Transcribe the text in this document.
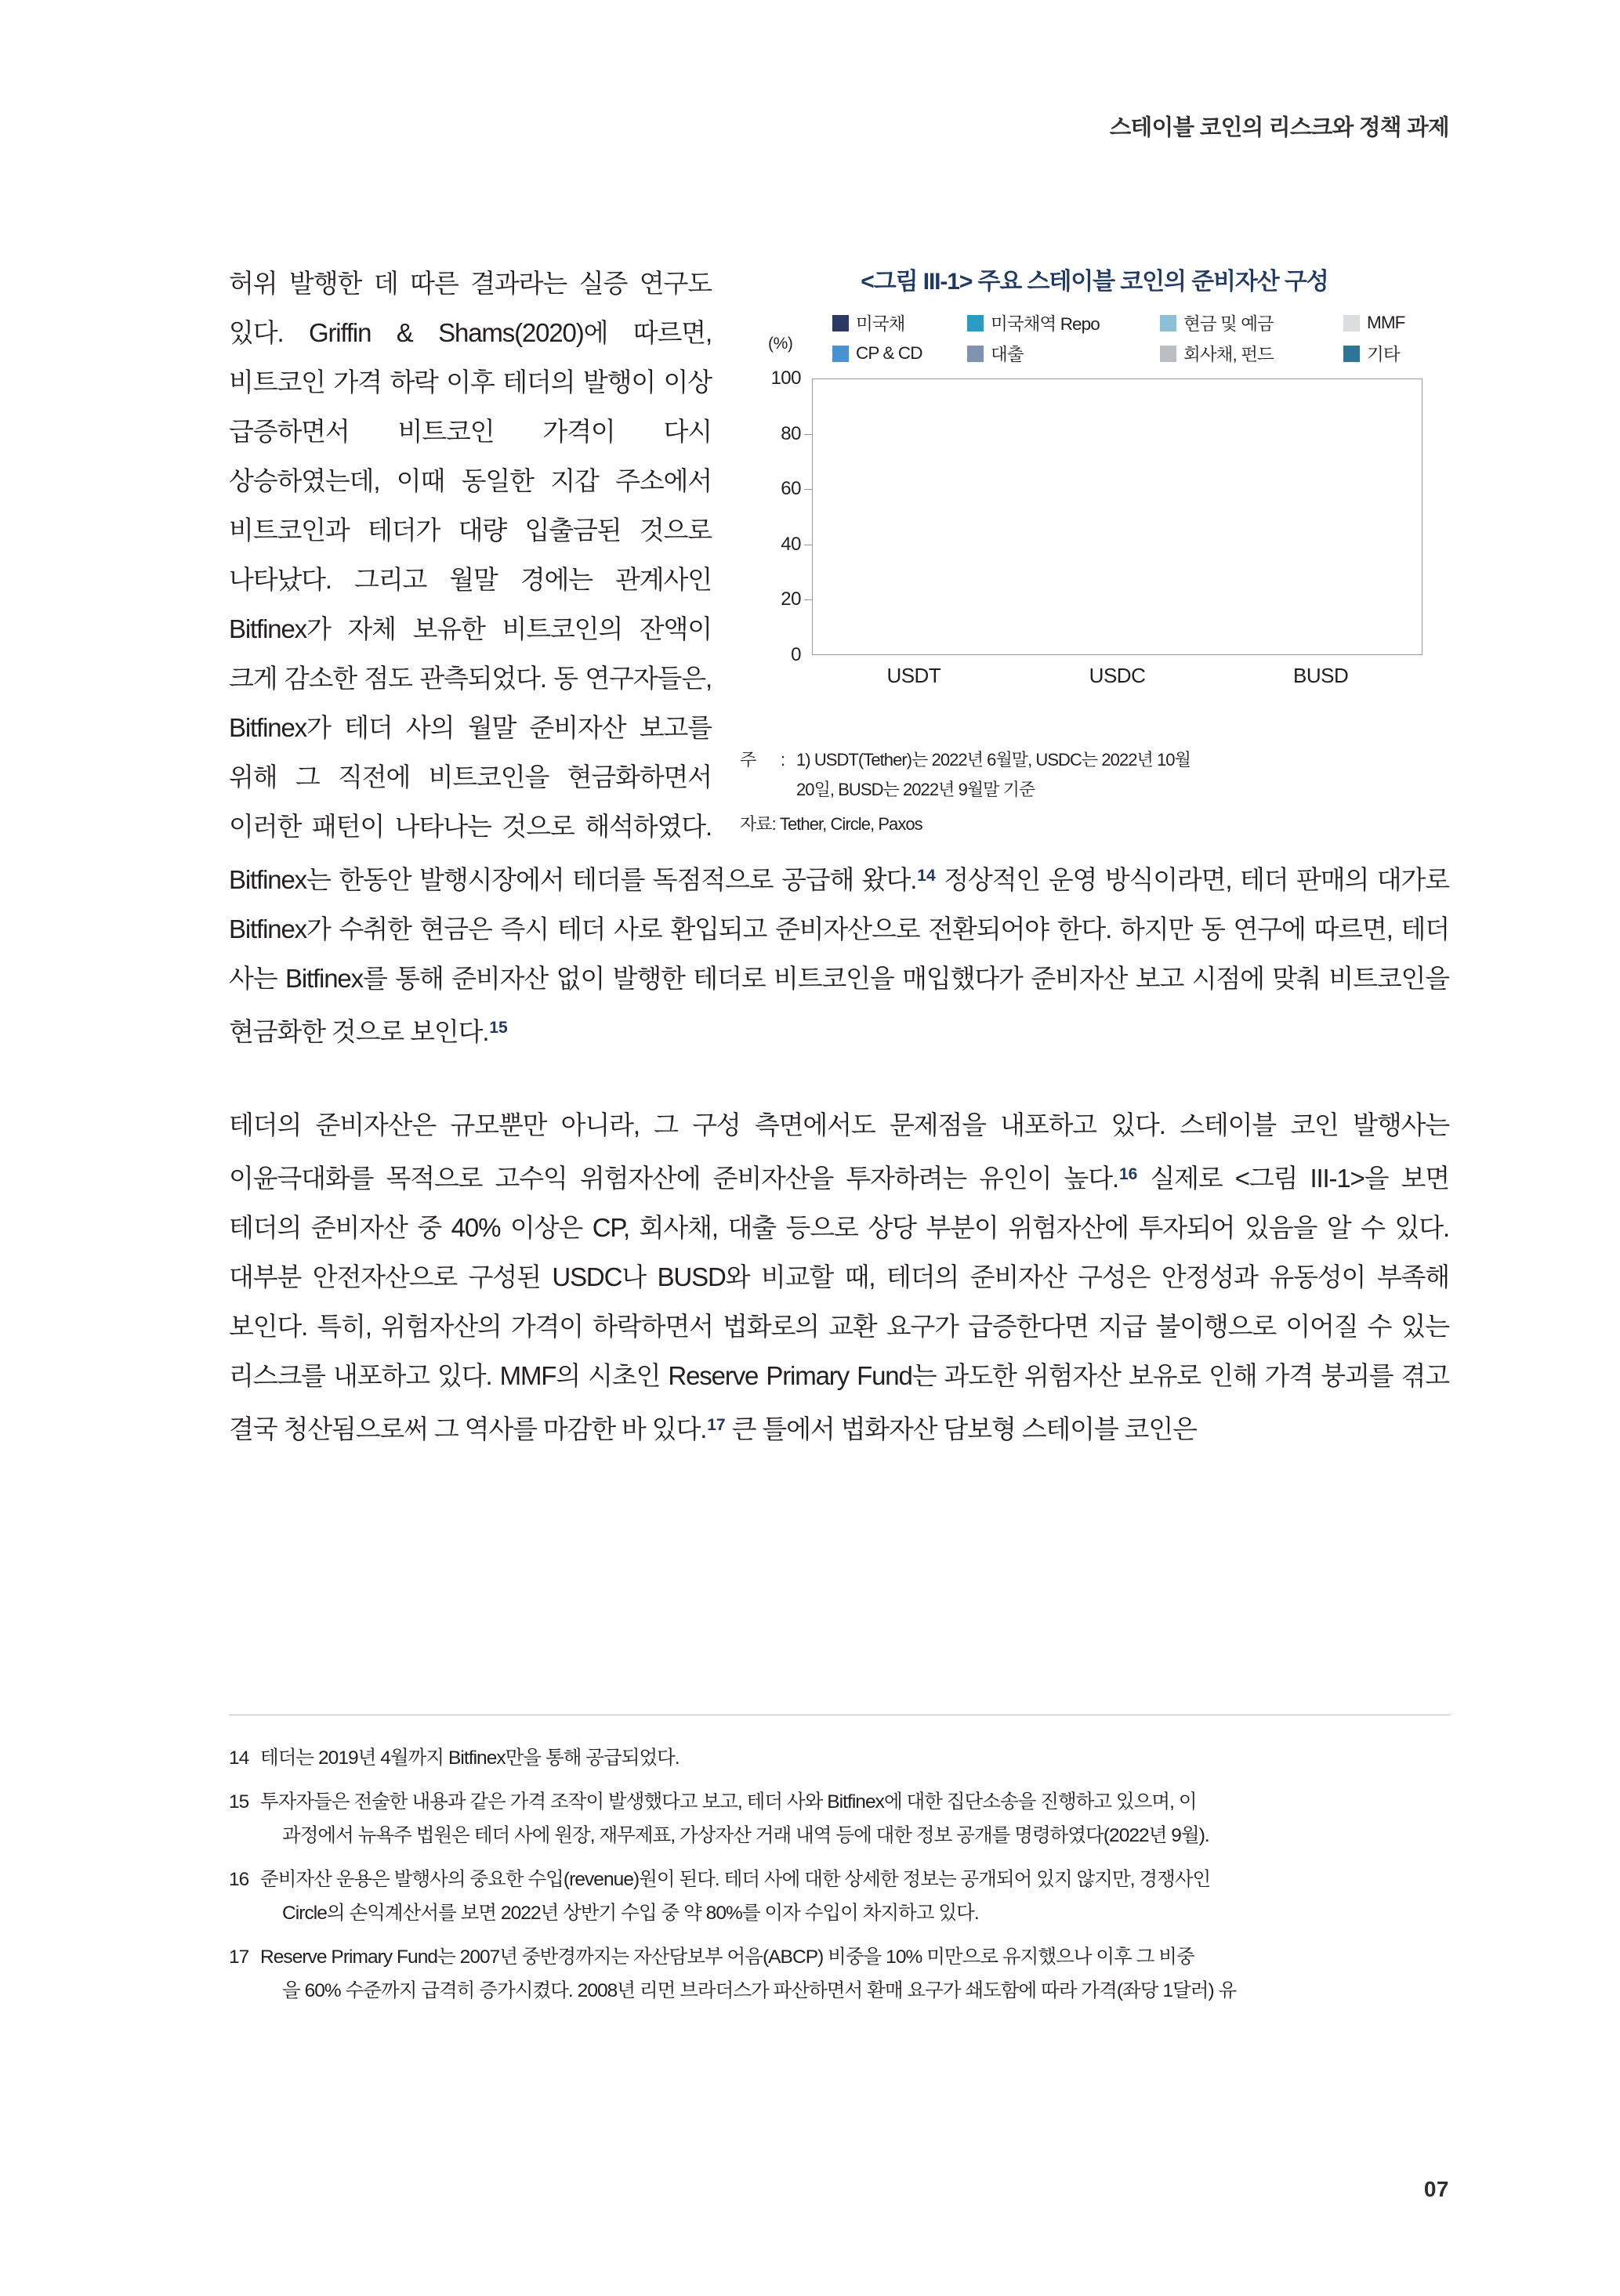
스테이블 코인의 리스크와 정책 과제
<그림 III-1> 주요 스테이블 코인의 준비자산 구성
미국채	미국채역 Repo	현금 및 예금	MMF
CP & CD	대출	회사채, 펀드	기타
(%)
100
80
60
40
20
0
USDT	USDC	BUSD
주	: 1) USDT(Tether)는 2022년 6월말, USDC는 2022년 10월
20일, BUSD는 2022년 9월말 기준
자료: Tether, Circle, Paxos

허위 발행한 데 따른 결과라는 실증 연구도 있다. Griffin & Shams(2020)에 따르면, 비트코인 가격 하락 이후 테더의 발행이 이상 급증하면서 비트코인 가격이 다시 상승하였는데, 이때 동일한 지갑 주소에서 비트코인과 테더가 대량 입출금된 것으로 나타났다. 그리고 월말 경에는 관계사인 Bitfinex가 자체 보유한 비트코인의 잔액이 크게 감소한 점도 관측되었다. 동 연구자들은, Bitfinex가 테더 사의 월말 준비자산 보고를 위해 그 직전에 비트코인을 현금화하면서 이러한 패턴이 나타나는 것으로 해석하였다. Bitfinex는 한동안 발행시장에서 테더를 독점적으로 공급해 왔다.$^{14}$ 정상적인 운영 방식이라면, 테더 판매의 대가로 Bitfinex가 수취한 현금은 즉시 테더 사로 환입되고 준비자산으로 전환되어야 한다. 하지만 동 연구에 따르면, 테더 사는 Bitfinex를 통해 준비자산 없이 발행한 테더로 비트코인을 매입했다가 준비자산 보고 시점에 맞춰 비트코인을 현금화한 것으로 보인다.$^{15}$

테더의 준비자산은 규모뿐만 아니라, 그 구성 측면에서도 문제점을 내포하고 있다. 스테이블 코인 발행사는 이윤극대화를 목적으로 고수익 위험자산에 준비자산을 투자하려는 유인이 높다.$^{16}$ 실제로 <그림 III-1>을 보면 테더의 준비자산 중 40% 이상은 CP, 회사채, 대출 등으로 상당 부분이 위험자산에 투자되어 있음을 알 수 있다. 대부분 안전자산으로 구성된 USDC나 BUSD와 비교할 때, 테더의 준비자산 구성은 안정성과 유동성이 부족해 보인다. 특히, 위험자산의 가격이 하락하면서 법화로의 교환 요구가 급증한다면 지급 불이행으로 이어질 수 있는 리스크를 내포하고 있다. MMF의 시초인 Reserve Primary Fund는 과도한 위험자산 보유로 인해 가격 붕괴를 겪고 결국 청산됨으로써 그 역사를 마감한 바 있다.$^{17}$ 큰 틀에서 법화자산 담보형 스테이블 코인은

14 테더는 2019년 4월까지 Bitfinex만을 통해 공급되었다.
15 투자자들은 전술한 내용과 같은 가격 조작이 발생했다고 보고, 테더 사와 Bitfinex에 대한 집단소송을 진행하고 있으며, 이
과정에서 뉴욕주 법원은 테더 사에 원장, 재무제표, 가상자산 거래 내역 등에 대한 정보 공개를 명령하였다(2022년 9월).
16 준비자산 운용은 발행사의 중요한 수입(revenue)원이 된다. 테더 사에 대한 상세한 정보는 공개되어 있지 않지만, 경쟁사인
Circle의 손익계산서를 보면 2022년 상반기 수입 중 약 80%를 이자 수입이 차지하고 있다.
17 Reserve Primary Fund는 2007년 중반경까지는 자산담보부 어음(ABCP) 비중을 10% 미만으로 유지했으나 이후 그 비중
을 60% 수준까지 급격히 증가시켰다. 2008년 리먼 브라더스가 파산하면서 환매 요구가 쇄도함에 따라 가격(좌당 1달러) 유
07
